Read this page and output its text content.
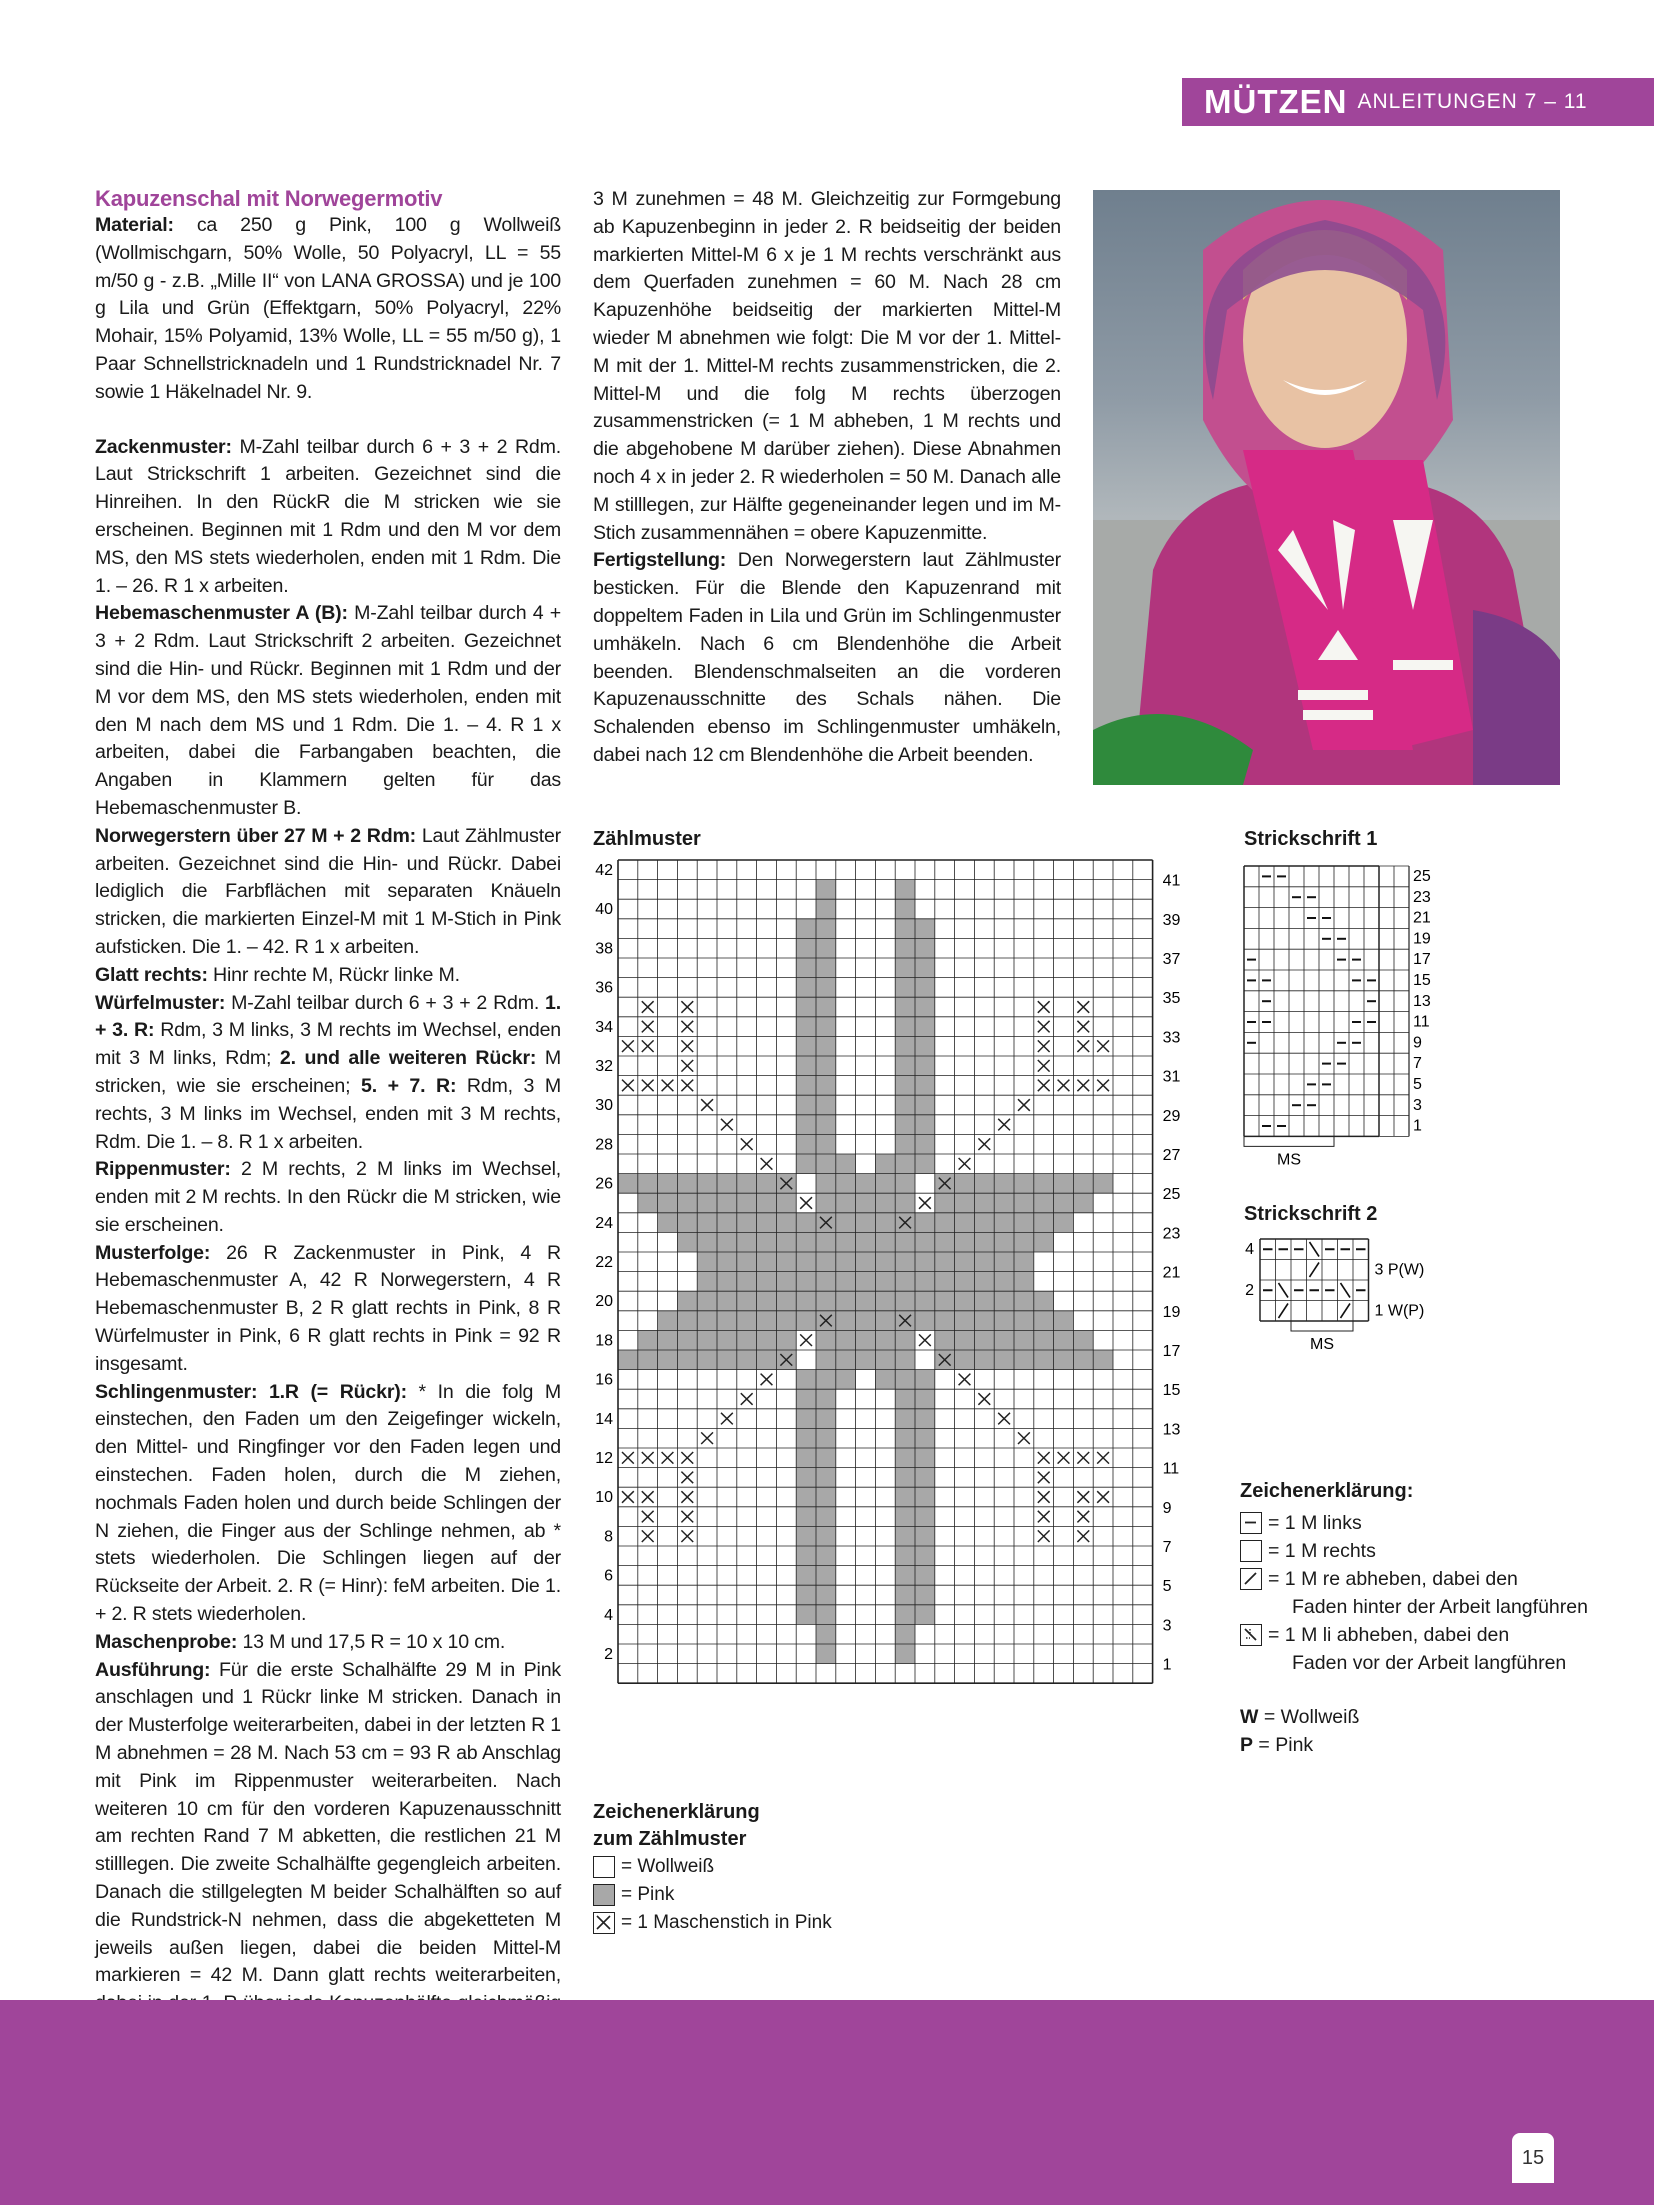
MÜTZEN ANLEITUNGEN 7 – 11

Kapuzenschal mit Norwegermotiv

Material: ca 250 g Pink, 100 g Wollweiß (Wollmischgarn, 50% Wolle, 50 Polyacryl, LL = 55 m/50 g - z.B. „Mille II“ von LANA GROSSA) und je 100 g Lila und Grün (Effektgarn, 50% Polyacryl, 22% Mohair, 15% Polyamid, 13% Wolle, LL = 55 m/50 g), 1 Paar Schnellstricknadeln und 1 Rundstricknadel Nr. 7 sowie 1 Häkelnadel Nr. 9.

Zackenmuster: M-Zahl teilbar durch 6 + 3 + 2 Rdm. Laut Strickschrift 1 arbeiten. Gezeichnet sind die Hinreihen. In den RückR die M stricken wie sie erscheinen. Beginnen mit 1 Rdm und den M vor dem MS, den MS stets wiederholen, enden mit 1 Rdm. Die 1. – 26. R 1 x arbeiten.

Hebemaschenmuster A (B): M-Zahl teilbar durch 4 + 3 + 2 Rdm. Laut Strickschrift 2 arbeiten. Gezeichnet sind die Hin- und Rückr. Beginnen mit 1 Rdm und der M vor dem MS, den MS stets wiederholen, enden mit den M nach dem MS und 1 Rdm. Die 1. – 4. R 1 x arbeiten, dabei die Farbangaben beachten, die Angaben in Klammern gelten für das Hebemaschenmuster B.

Norwegerstern über 27 M + 2 Rdm: Laut Zählmuster arbeiten. Gezeichnet sind die Hin- und Rückr. Dabei lediglich die Farbflächen mit separaten Knäueln stricken, die markierten Einzel-M mit 1 M-Stich in Pink aufsticken. Die 1. – 42. R 1 x arbeiten.

Glatt rechts: Hinr rechte M, Rückr linke M.

Würfelmuster: M-Zahl teilbar durch 6 + 3 + 2 Rdm. 1. + 3. R: Rdm, 3 M links, 3 M rechts im Wechsel, enden mit 3 M links, Rdm; 2. und alle weiteren Rückr: M stricken, wie sie erscheinen; 5. + 7. R: Rdm, 3 M rechts, 3 M links im Wechsel, enden mit 3 M rechts, Rdm. Die 1. – 8. R 1 x arbeiten.

Rippenmuster: 2 M rechts, 2 M links im Wechsel, enden mit 2 M rechts. In den Rückr die M stricken, wie sie erscheinen.

Musterfolge: 26 R Zackenmuster in Pink, 4 R Hebemaschenmuster A, 42 R Norwegerstern, 4 R Hebemaschenmuster B, 2 R glatt rechts in Pink, 8 R Würfelmuster in Pink, 6 R glatt rechts in Pink = 92 R insgesamt.

Schlingenmuster: 1.R (= Rückr): * In die folg M einstechen, den Faden um den Zeigefinger wickeln, den Mittel- und Ringfinger vor den Faden legen und einstechen. Faden holen, durch die M ziehen, nochmals Faden holen und durch beide Schlingen der N ziehen, die Finger aus der Schlinge nehmen, ab * stets wiederholen. Die Schlingen liegen auf der Rückseite der Arbeit. 2. R (= Hinr): feM arbeiten. Die 1. + 2. R stets wiederholen.

Maschenprobe: 13 M und 17,5 R = 10 x 10 cm.

Ausführung: Für die erste Schalhälfte 29 M in Pink anschlagen und 1 Rückr linke M stricken. Danach in der Musterfolge weiterarbeiten, dabei in der letzten R 1 M abnehmen = 28 M. Nach 53 cm = 93 R ab Anschlag mit Pink im Rippenmuster weiterarbeiten. Nach weiteren 10 cm für den vorderen Kapuzenausschnitt am rechten Rand 7 M abketten, die restlichen 21 M stilllegen. Die zweite Schalhälfte gegengleich arbeiten. Danach die stillgelegten M beider Schalhälften so auf die Rundstrick-N nehmen, dass die abgeketteten M jeweils außen liegen, dabei die beiden Mittel-M markieren = 42 M. Dann glatt rechts weiterarbeiten,

3 M zunehmen = 48 M. Gleichzeitig zur Formgebung ab Kapuzenbeginn in jeder 2. R beidseitig der beiden markierten Mittel-M 6 x je 1 M rechts verschränkt aus dem Querfaden zunehmen = 60 M. Nach 28 cm Kapuzenhöhe beidseitig der markierten Mittel-M wieder M abnehmen wie folgt: Die M vor der 1. Mittel-M mit der 1. Mittel-M rechts zusammenstricken, die 2. Mittel-M und die folg M rechts überzogen zusammenstricken (= 1 M abheben, 1 M rechts und die abgehobene M darüber ziehen). Diese Abnahmen noch 4 x in jeder 2. R wiederholen = 50 M. Danach alle M stilllegen, zur Hälfte gegeneinander legen und im M-Stich zusammennähen = obere Kapuzenmitte.

Fertigstellung: Den Norwegerstern laut Zählmuster besticken. Für die Blende den Kapuzenrand mit doppeltem Faden in Lila und Grün im Schlingenmuster umhäkeln. Nach 6 cm Blendenhöhe die Arbeit beenden. Blendenschmalseiten an die vorderen Kapuzenausschnitte des Schals nähen. Die Schalenden ebenso im Schlingenmuster umhäkeln, dabei nach 12 cm Blendenhöhe die Arbeit beenden.

Zählmuster
2
4
6
8
10
12
14
16
18
20
22
24
26
28
30
32
34
36
38
40
42
1
3
5
7
9
11
13
15
17
19
21
23
25
27
29
31
33
35
37
39
41
Zeichenerklärung
zum Zählmuster
= Wollweiß
= Pink
= 1 Maschenstich in Pink
Strickschrift 1
25
23
21
19
17
15
13
11
9
7
5
3
1
MS
Strickschrift 2
4
2
3 P(W)
1 W(P)
MS
Zeichenerklärung:
= 1 M links
= 1 M rechts
= 1 M re abheben, dabei den
Faden hinter der Arbeit langführen
= 1 M li abheben, dabei den
Faden vor der Arbeit langführen
W = Wollweiß
P = Pink
15
